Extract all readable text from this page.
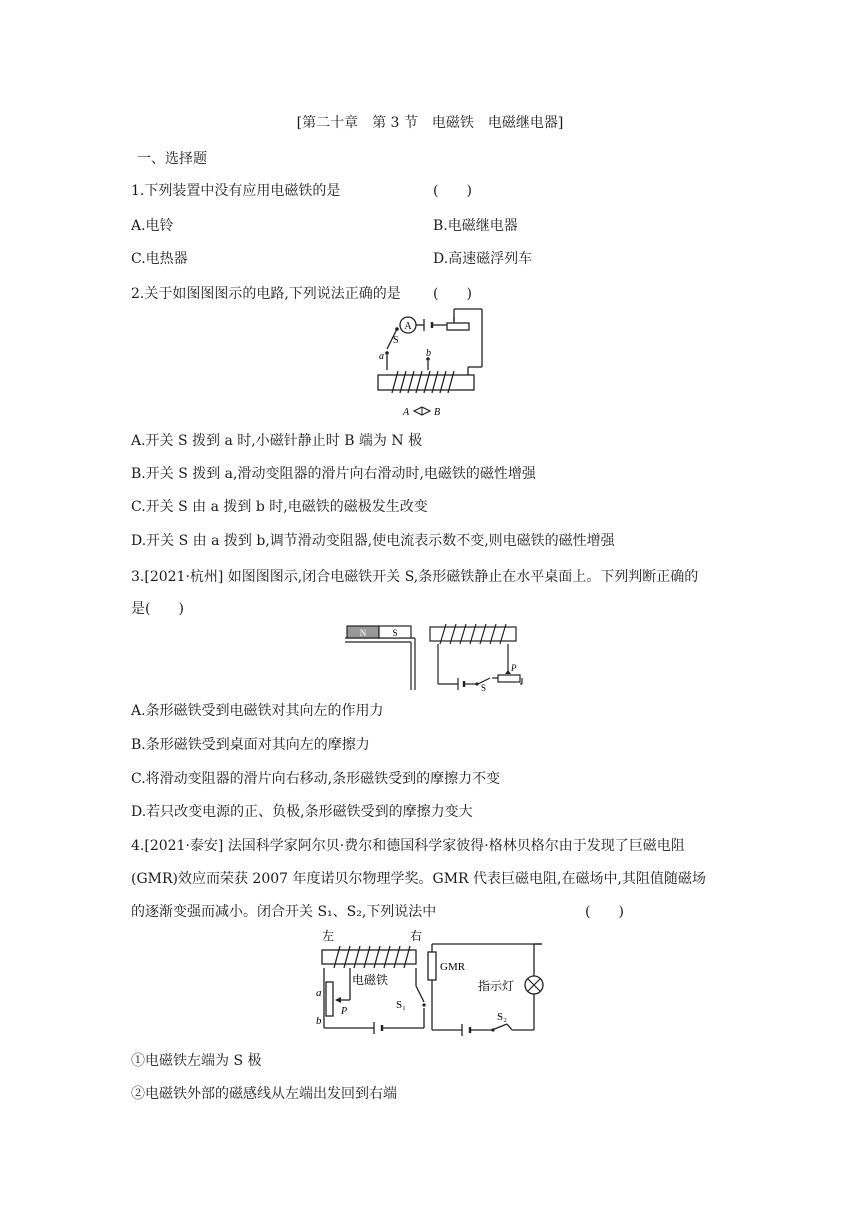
[第二十章　第 3 节　电磁铁　电磁继电器]
一、选择题
1.下列装置中没有应用电磁铁的是	(　　)
A.电铃	B.电磁继电器
C.电热器	D.高速磁浮列车
2.关于如图图图示的电路,下列说法正确的是 (　　)
A
S
a	b
A B
A.开关 S 拨到 a 时,小磁针静止时 B 端为 N 极
B.开关 S 拨到 a,滑动变阻器的滑片向右滑动时,电磁铁的磁性增强
C.开关 S 由 a 拨到 b 时,电磁铁的磁极发生改变
D.开关 S 由 a 拨到 b,调节滑动变阻器,使电流表示数不变,则电磁铁的磁性增强
3.[2021·杭州] 如图图图示,闭合电磁铁开关 S,条形磁铁静止在水平桌面上。下列判断正确的
是(　　)
N	S
S
P
A.条形磁铁受到电磁铁对其向左的作用力
B.条形磁铁受到桌面对其向左的摩擦力
C.将滑动变阻器的滑片向右移动,条形磁铁受到的摩擦力不变
D.若只改变电源的正、负极,条形磁铁受到的摩擦力变大
4.[2021·泰安] 法国科学家阿尔贝·费尔和德国科学家彼得·格林贝格尔由于发现了巨磁电阻
(GMR)效应而荣获 2007 年度诺贝尔物理学奖。GMR 代表巨磁电阻,在磁场中,其阻值随磁场
的逐渐变强而减小。闭合开关 S₁、S₂,下列说法中	(　　)
左	右
a
b
P
电磁铁
S₁
GMR
S₂
指示灯
①电磁铁左端为 S 极
②电磁铁外部的磁感线从左端出发回到右端
